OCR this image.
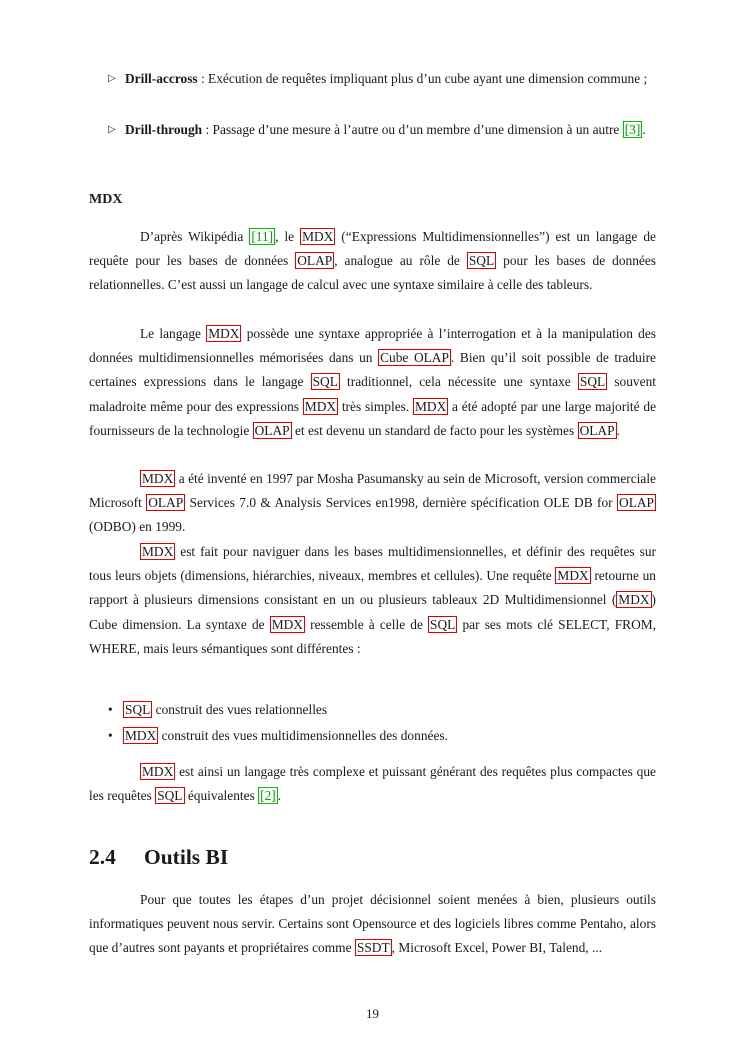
▷ Drill-accross : Exécution de requêtes impliquant plus d’un cube ayant une dimension commune ;
▷ Drill-through : Passage d’une mesure à l’autre ou d’un membre d’une dimension à un autre [3] .
MDX

D’après Wikipédia [11] , le MDX (“Expressions Multidimensionnelles”) est un langage de requête pour les bases de données OLAP , analogue au rôle de SQL pour les bases de données relationnelles. C’est aussi un langage de calcul avec une syntaxe similaire à celle des tableurs.

Le langage MDX possède une syntaxe appropriée à l’interrogation et à la manipulation des données multidimensionnelles mémorisées dans un Cube OLAP . Bien qu’il soit possible de traduire certaines expressions dans le langage SQL traditionnel, cela nécessite une syntaxe SQL souvent maladroite même pour des expressions MDX très simples. MDX a été adopté par une large majorité de fournisseurs de la technologie OLAP et est devenu un standard de facto pour les systèmes OLAP .

MDX a été inventé en 1997 par Mosha Pasumansky au sein de Microsoft, version commerciale Microsoft OLAP Services 7.0 & Analysis Services en1998, dernière spécification OLE DB for OLAP (ODBO) en 1999.

MDX est fait pour naviguer dans les bases multidimensionnelles, et définir des requêtes sur tous leurs objets (dimensions, hiérarchies, niveaux, membres et cellules). Une requête MDX retourne un rapport à plusieurs dimensions consistant en un ou plusieurs tableaux 2D Multidimensionnel ( MDX ) Cube dimension. La syntaxe de MDX ressemble à celle de SQL par ses mots clé SELECT, FROM, WHERE, mais leurs sémantiques sont différentes :

• SQL construit des vues relationnelles
• MDX construit des vues multidimensionnelles des données.

MDX est ainsi un langage très complexe et puissant générant des requêtes plus compactes que les requêtes SQL équivalentes [2] .

2.4 Outils BI

Pour que toutes les étapes d’un projet décisionnel soient menées à bien, plusieurs outils informatiques peuvent nous servir. Certains sont Opensource et des logiciels libres comme Pentaho, alors que d’autres sont payants et propriétaires comme SSDT , Microsoft Excel, Power BI, Talend, ...

19
